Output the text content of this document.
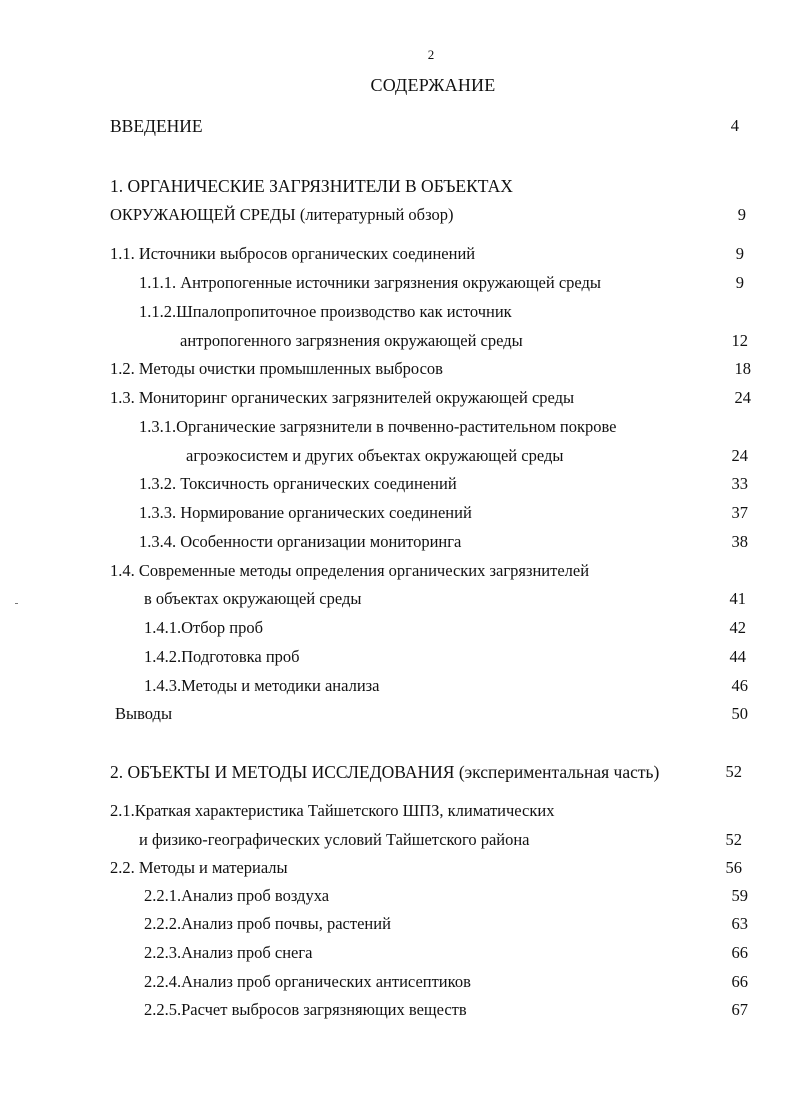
2
СОДЕРЖАНИЕ
ВВЕДЕНИЕ	4
1. ОРГАНИЧЕСКИЕ ЗАГРЯЗНИТЕЛИ В ОБЪЕКТАХ
ОКРУЖАЮЩЕЙ СРЕДЫ (литературный обзор)	9
1.1. Источники выбросов органических соединений	9
1.1.1. Антропогенные источники загрязнения окружающей среды	9
1.1.2.Шпалопропиточное производство как источник
антропогенного загрязнения окружающей среды	12
1.2. Методы очистки промышленных выбросов	18
1.3. Мониторинг органических загрязнителей окружающей среды	24
1.3.1.Органические загрязнители в почвенно-растительном покрове
агроэкосистем и других объектах окружающей среды	24
1.3.2. Токсичность органических соединений	33
1.3.3. Нормирование органических соединений	37
1.3.4. Особенности организации мониторинга	38
1.4. Современные методы определения органических загрязнителей
в объектах окружающей среды	41
1.4.1.Отбор проб	42
1.4.2.Подготовка проб	44
1.4.3.Методы и методики анализа	46
Выводы	50
2. ОБЪЕКТЫ И МЕТОДЫ ИССЛЕДОВАНИЯ (экспериментальная часть)	52
2.1.Краткая характеристика Тайшетского ШПЗ, климатических
и физико-географических условий Тайшетского района	52
2.2. Методы и материалы	56
2.2.1.Анализ проб воздуха	59
2.2.2.Анализ проб почвы, растений	63
2.2.3.Анализ проб снега	66
2.2.4.Анализ проб органических антисептиков	66
2.2.5.Расчет выбросов загрязняющих веществ	67
